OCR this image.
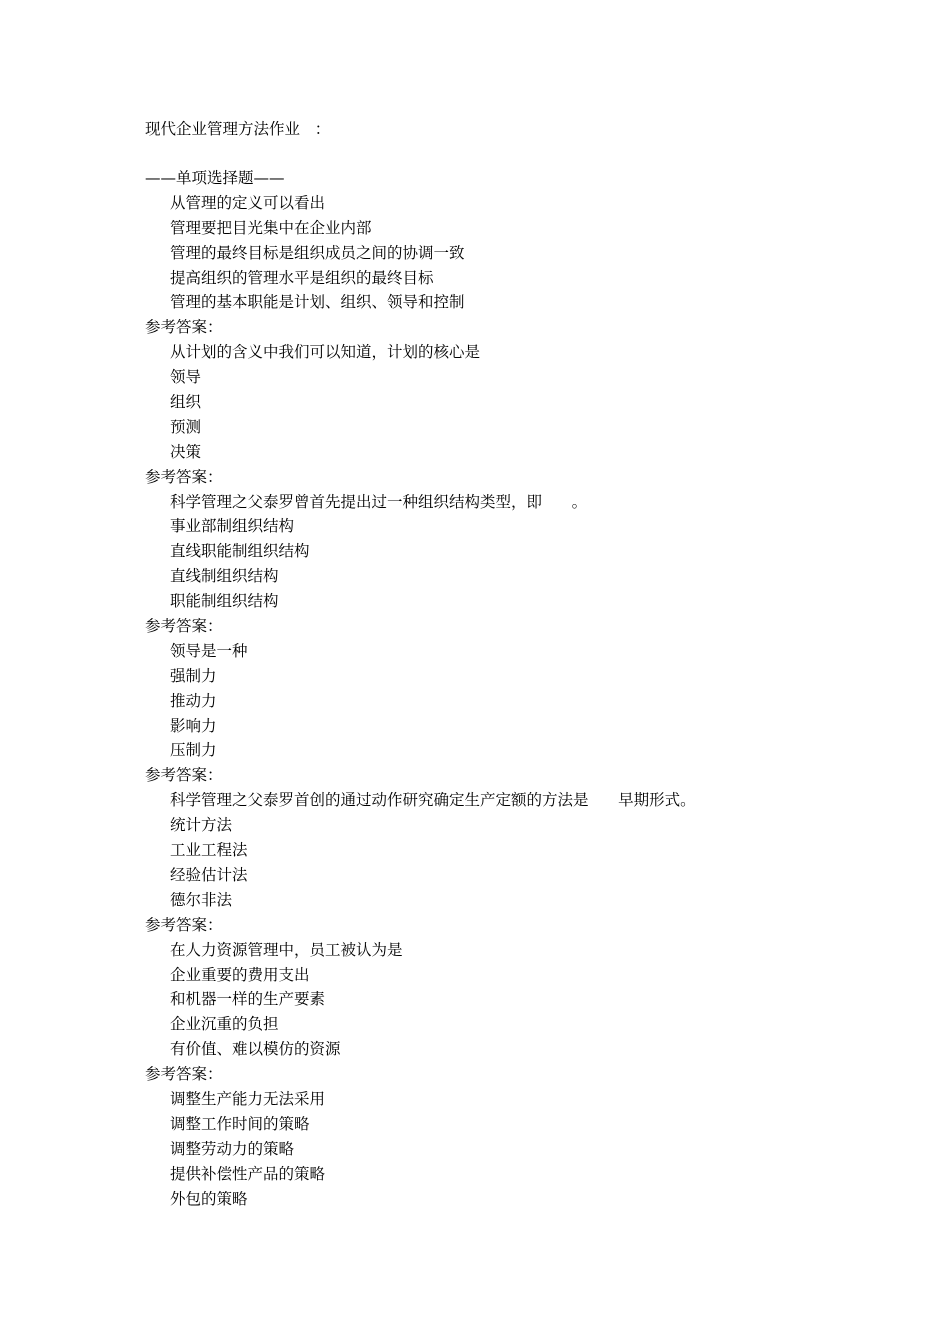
现代企业管理方法作业   ：
——单项选择题——
从管理的定义可以看出
管理要把目光集中在企业内部
管理的最终目标是组织成员之间的协调一致
提高组织的管理水平是组织的最终目标
管理的基本职能是计划、组织、领导和控制
参考答案：
从计划的含义中我们可以知道，计划的核心是
领导
组织
预测
决策
参考答案：
科学管理之父泰罗曾首先提出过一种组织结构类型，即      。
事业部制组织结构
直线职能制组织结构
直线制组织结构
职能制组织结构
参考答案：
领导是一种
强制力
推动力
影响力
压制力
参考答案：
科学管理之父泰罗首创的通过动作研究确定生产定额的方法是      早期形式。
统计方法
工业工程法
经验估计法
德尔非法
参考答案：
在人力资源管理中，员工被认为是
企业重要的费用支出
和机器一样的生产要素
企业沉重的负担
有价值、难以模仿的资源
参考答案：
调整生产能力无法采用
调整工作时间的策略
调整劳动力的策略
提供补偿性产品的策略
外包的策略
